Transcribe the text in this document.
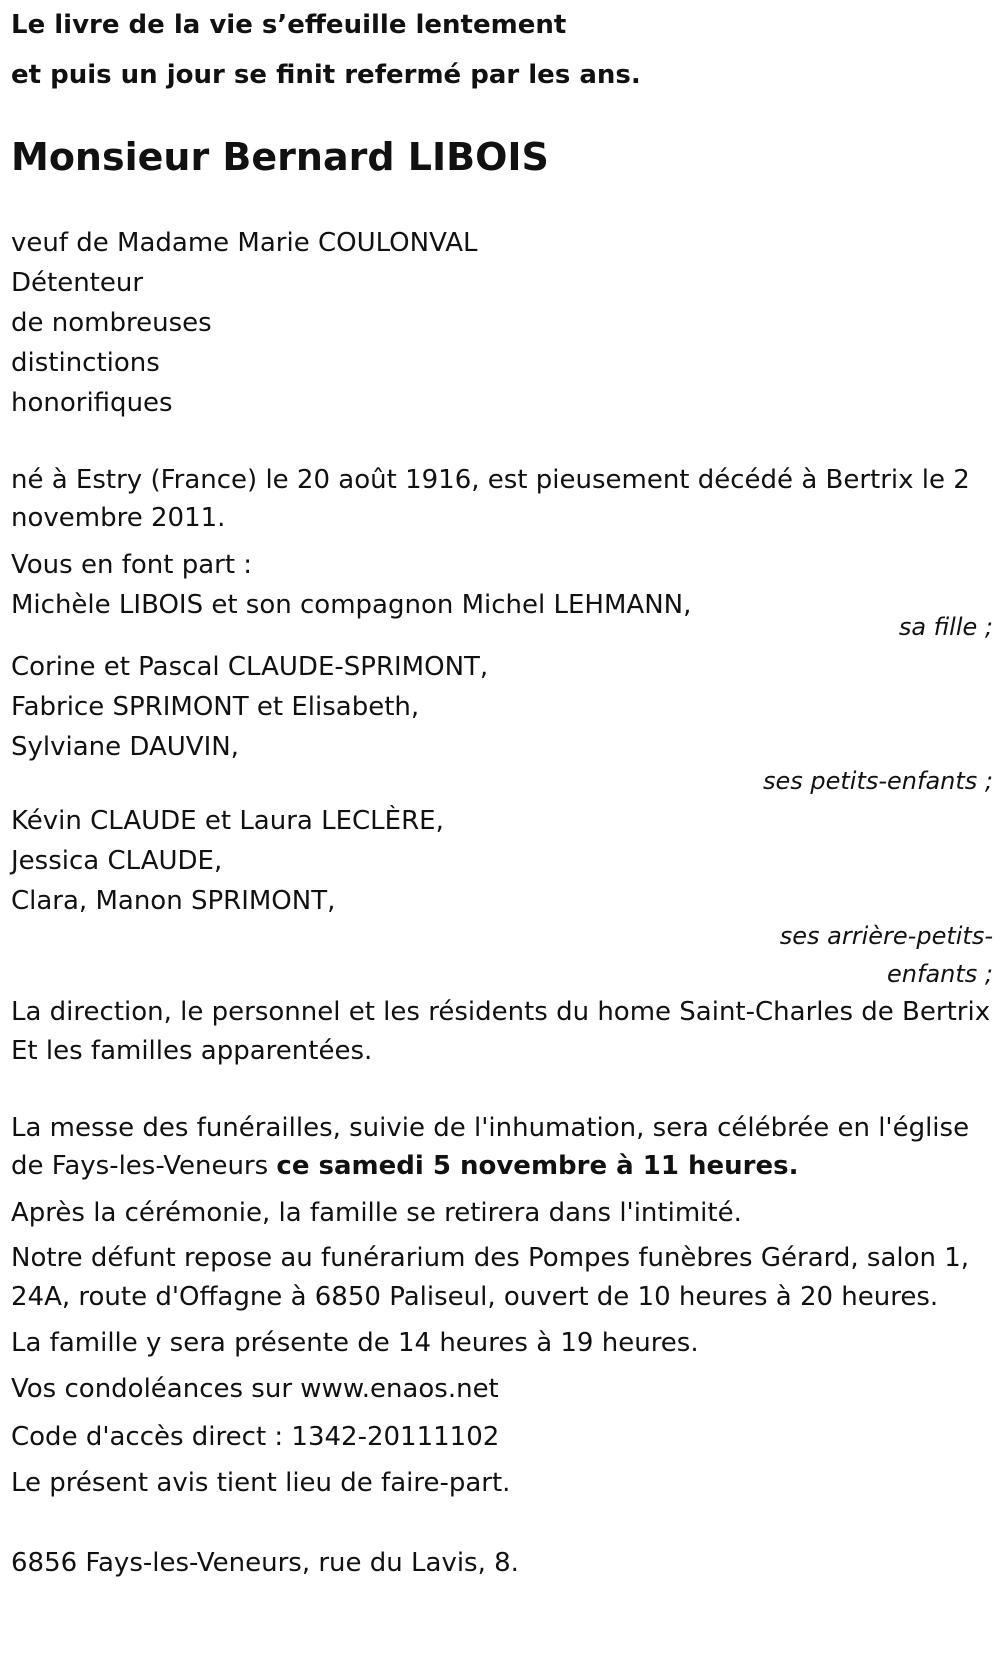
Le livre de la vie s’effeuille lentement
et puis un jour se finit refermé par les ans.
Monsieur Bernard LIBOIS
veuf de Madame Marie COULONVAL
Détenteur
de nombreuses
distinctions
honorifiques
né à Estry (France) le 20 août 1916, est pieusement décédé à Bertrix le 2 novembre 2011.
Vous en font part :
Michèle LIBOIS et son compagnon Michel LEHMANN,
sa fille ;
Corine et Pascal CLAUDE-SPRIMONT,
Fabrice SPRIMONT et Elisabeth,
Sylviane DAUVIN,
ses petits-enfants ;
Kévin CLAUDE et Laura LECLÈRE,
Jessica CLAUDE,
Clara, Manon SPRIMONT,
ses arrière-petits-
enfants ;
La direction, le personnel et les résidents du home Saint-Charles de Bertrix
Et les familles apparentées.
La messe des funérailles, suivie de l'inhumation, sera célébrée en l'église de Fays-les-Veneurs ce samedi 5 novembre à 11 heures.
Après la cérémonie, la famille se retirera dans l'intimité.
Notre défunt repose au funérarium des Pompes funèbres Gérard, salon 1, 24A, route d'Offagne à 6850 Paliseul, ouvert de 10 heures à 20 heures.
La famille y sera présente de 14 heures à 19 heures.
Vos condoléances sur www.enaos.net
Code d'accès direct : 1342-20111102
Le présent avis tient lieu de faire-part.
6856 Fays-les-Veneurs, rue du Lavis, 8.
